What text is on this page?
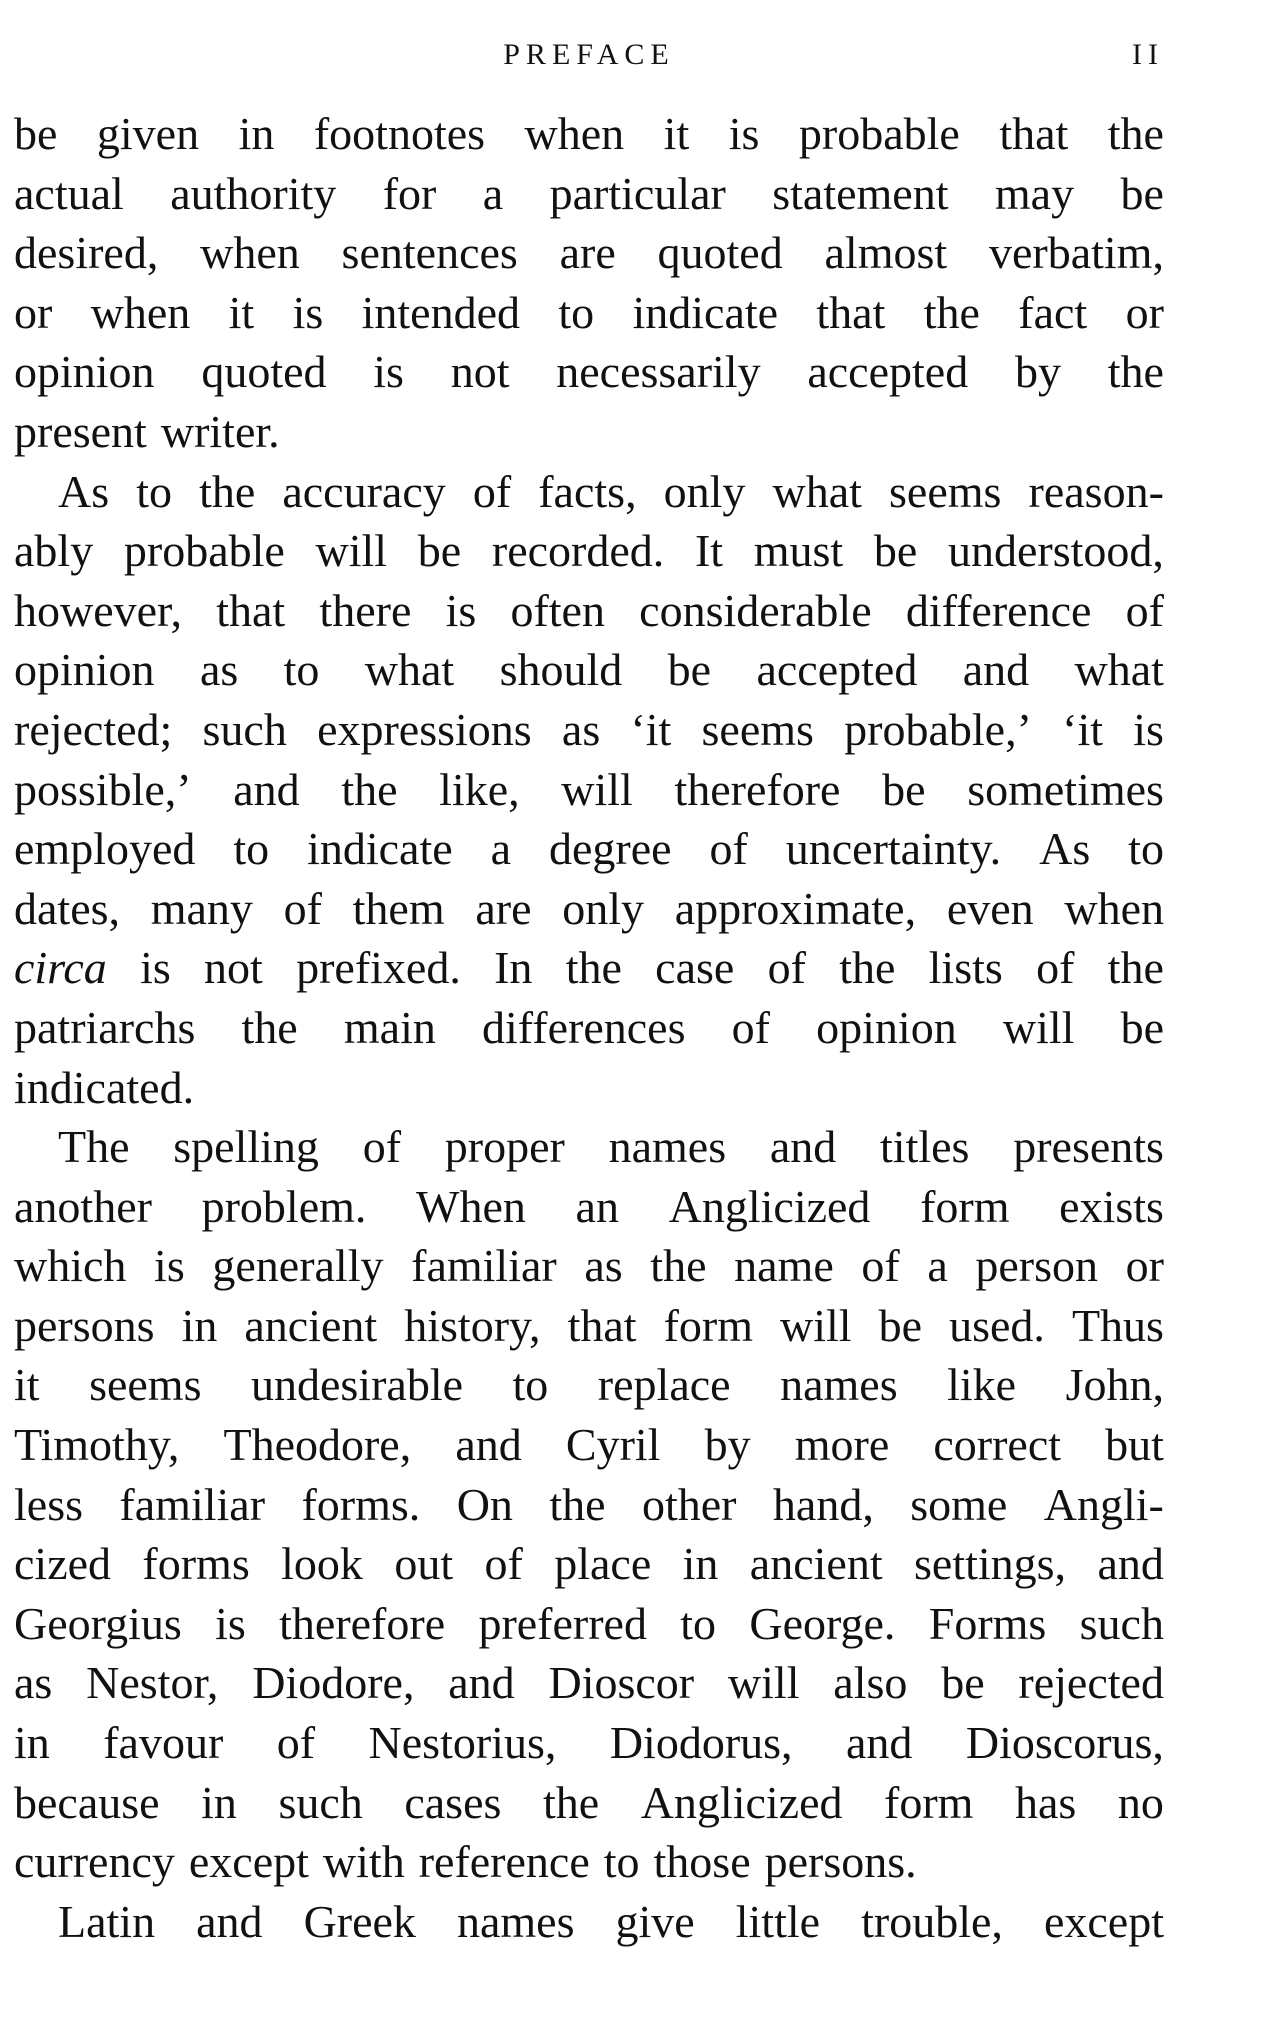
PREFACE	II
be given in footnotes when it is probable that the
actual authority for a particular statement may be
desired, when sentences are quoted almost verbatim,
or when it is intended to indicate that the fact or
opinion quoted is not necessarily accepted by the
present writer.
As to the accuracy of facts, only what seems reason-
ably probable will be recorded. It must be understood,
however, that there is often considerable difference of
opinion as to what should be accepted and what
rejected; such expressions as ‘it seems probable,’ ‘it is
possible,’ and the like, will therefore be sometimes
employed to indicate a degree of uncertainty. As to
dates, many of them are only approximate, even when
circa is not prefixed. In the case of the lists of the
patriarchs the main differences of opinion will be
indicated.
The spelling of proper names and titles presents
another problem. When an Anglicized form exists
which is generally familiar as the name of a person or
persons in ancient history, that form will be used. Thus
it seems undesirable to replace names like John,
Timothy, Theodore, and Cyril by more correct but
less familiar forms. On the other hand, some Angli-
cized forms look out of place in ancient settings, and
Georgius is therefore preferred to George. Forms such
as Nestor, Diodore, and Dioscor will also be rejected
in favour of Nestorius, Diodorus, and Dioscorus,
because in such cases the Anglicized form has no
currency except with reference to those persons.
Latin and Greek names give little trouble, except
